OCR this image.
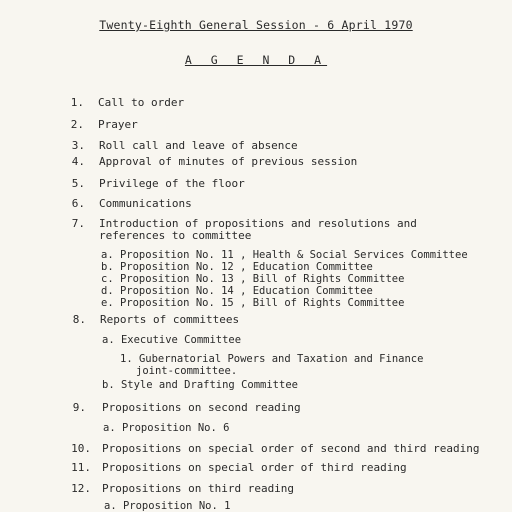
Twenty-Eighth General Session - 6 April 1970
A G E N D A
1. Call to order
2. Prayer
3. Roll call and leave of absence
4. Approval of minutes of previous session
5. Privilege of the floor
6. Communications
7. Introduction of propositions and resolutions and
references to committee
a. Proposition No. 11 , Health & Social Services Committee
b. Proposition No. 12 , Education Committee
c. Proposition No. 13 , Bill of Rights Committee
d. Proposition No. 14 , Education Committee
e. Proposition No. 15 , Bill of Rights Committee
8. Reports of committees
a. Executive Committee
1. Gubernatorial Powers and Taxation and Finance
joint-committee.
b. Style and Drafting Committee
9. Propositions on second reading
a. Proposition No. 6
10. Propositions on special order of second and third reading
11. Propositions on special order of third reading
12. Propositions on third reading
a. Proposition No. 1
